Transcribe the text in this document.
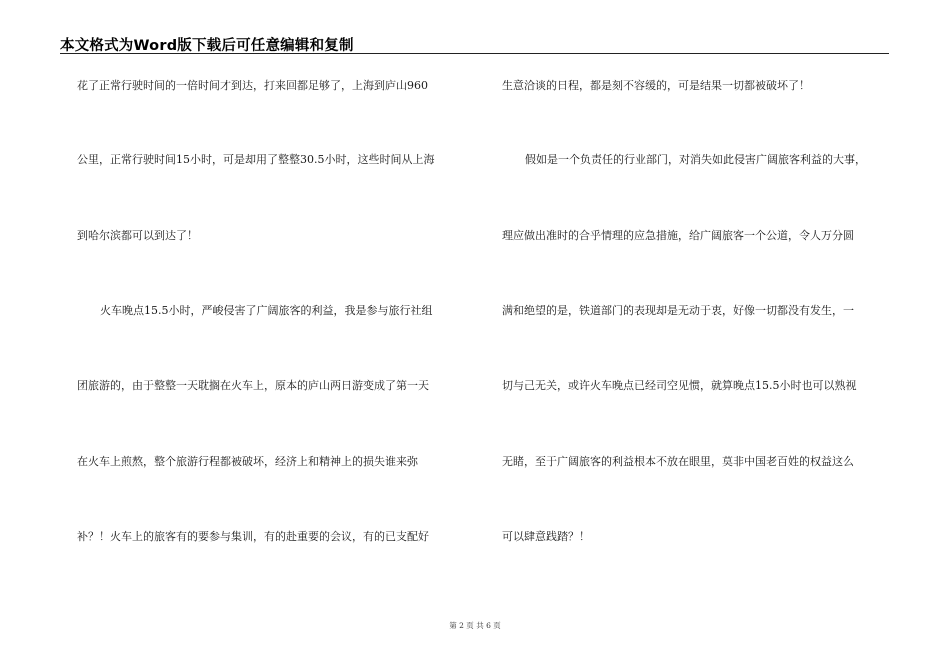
本文格式为Word版下载后可任意编辑和复制
花了正常行驶时间的一倍时间才到达，打来回都足够了，上海到庐山960
公里，正常行驶时间15小时，可是却用了整整30.5小时，这些时间从上海
到哈尔滨都可以到达了！
火车晚点15.5小时，严峻侵害了广阔旅客的利益，我是参与旅行社组
团旅游的，由于整整一天耽搁在火车上，原本的庐山两日游变成了第一天
在火车上煎熬，整个旅游行程都被破坏，经济上和精神上的损失谁来弥
补？！火车上的旅客有的要参与集训，有的赴重要的会议，有的已支配好
生意洽谈的日程，都是刻不容缓的，可是结果一切都被破坏了！
假如是一个负责任的行业部门，对消失如此侵害广阔旅客利益的大事，
理应做出准时的合乎情理的应急措施，给广阔旅客一个公道，令人万分圆
满和绝望的是，铁道部门的表现却是无动于衷，好像一切都没有发生，一
切与己无关，或许火车晚点已经司空见惯，就算晚点15.5小时也可以熟视
无睹，至于广阔旅客的利益根本不放在眼里，莫非中国老百姓的权益这么
可以肆意践踏？！
第 2 页 共 6 页
